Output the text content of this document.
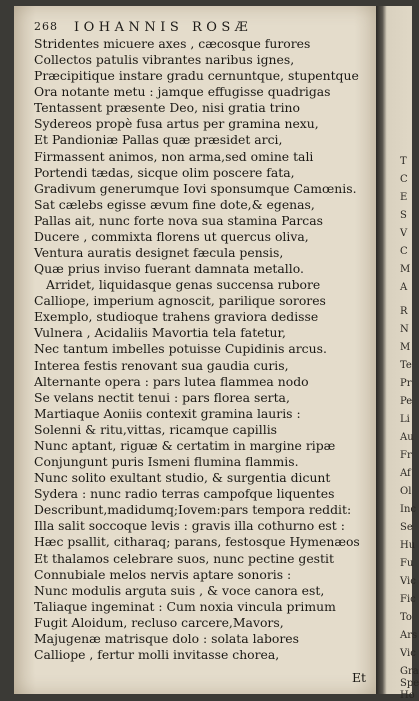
268 IOHANNIS ROSÆ
Stridentes micuere axes , cæcosque furores
Collectos patulis vibrantes naribus ignes,
Præcipitique instare gradu cernuntque, stupentque
Ora notante metu : jamque effugisse quadrigas
Tentassent præsente Deo, nisi gratia trino
Sydereos propè fusa artus per gramina nexu,
Et Pandioniæ Pallas quæ præsidet arci,
Firmassent animos, non arma,sed omine tali
Portendi tædas, sicque olim poscere fata,
Gradivum generumque Iovi sponsumque Camœnis.
Sat cælebs egisse ævum fine dote,& egenas,
Pallas ait, nunc forte nova sua stamina Parcas
Ducere , commixta florens ut quercus oliva,
Ventura auratis designet fæcula pensis,
Quæ prius inviso fuerant damnata metallo.
Arridet, liquidasque genas succensa rubore
Calliope, imperium agnoscit, parilique sorores
Exemplo, studioque trahens graviora dedisse
Vulnera , Acidaliis Mavortia tela fatetur,
Nec tantum imbelles potuisse Cupidinis arcus.
Interea festis renovant sua gaudia curis,
Alternante opera : pars lutea flammea nodo
Se velans nectit tenui : pars florea serta,
Martiaque Aoniis contexit gramina lauris :
Solenni & ritu,vittas, ricamque capillis
Nunc aptant, riguæ & certatim in margine ripæ
Conjungunt puris Ismeni flumina flammis.
Nunc solito exultant studio, & surgentia dicunt
Sydera : nunc radio terras campofque liquentes
Describunt,madidumq;Iovem:pars tempora reddit:
Illa salit soccoque levis : gravis illa cothurno est :
Hæc psallit, citharaq; parans, festosque Hymenæos
Et thalamos celebrare suos, nunc pectine gestit
Connubiale melos nervis aptare sonoris :
Nunc modulis arguta suis , & voce canora est,
Taliaque ingeminat : Cum noxia vincula primum
Fugit Aloidum, recluso carcere,Mavors,
Majugenæ matrisque dolo : solata labores
Calliope , fertur molli invitasse chorea,
Et
T
C
E
S
V
C
M
A
R
N
M
Te
Pr
Pe
Li
Au
Fr
Af
Ol
Inc
Se
Hu
Fu
Vic
Fic
To
Ars
Vic
Gra
Spe
Ho
